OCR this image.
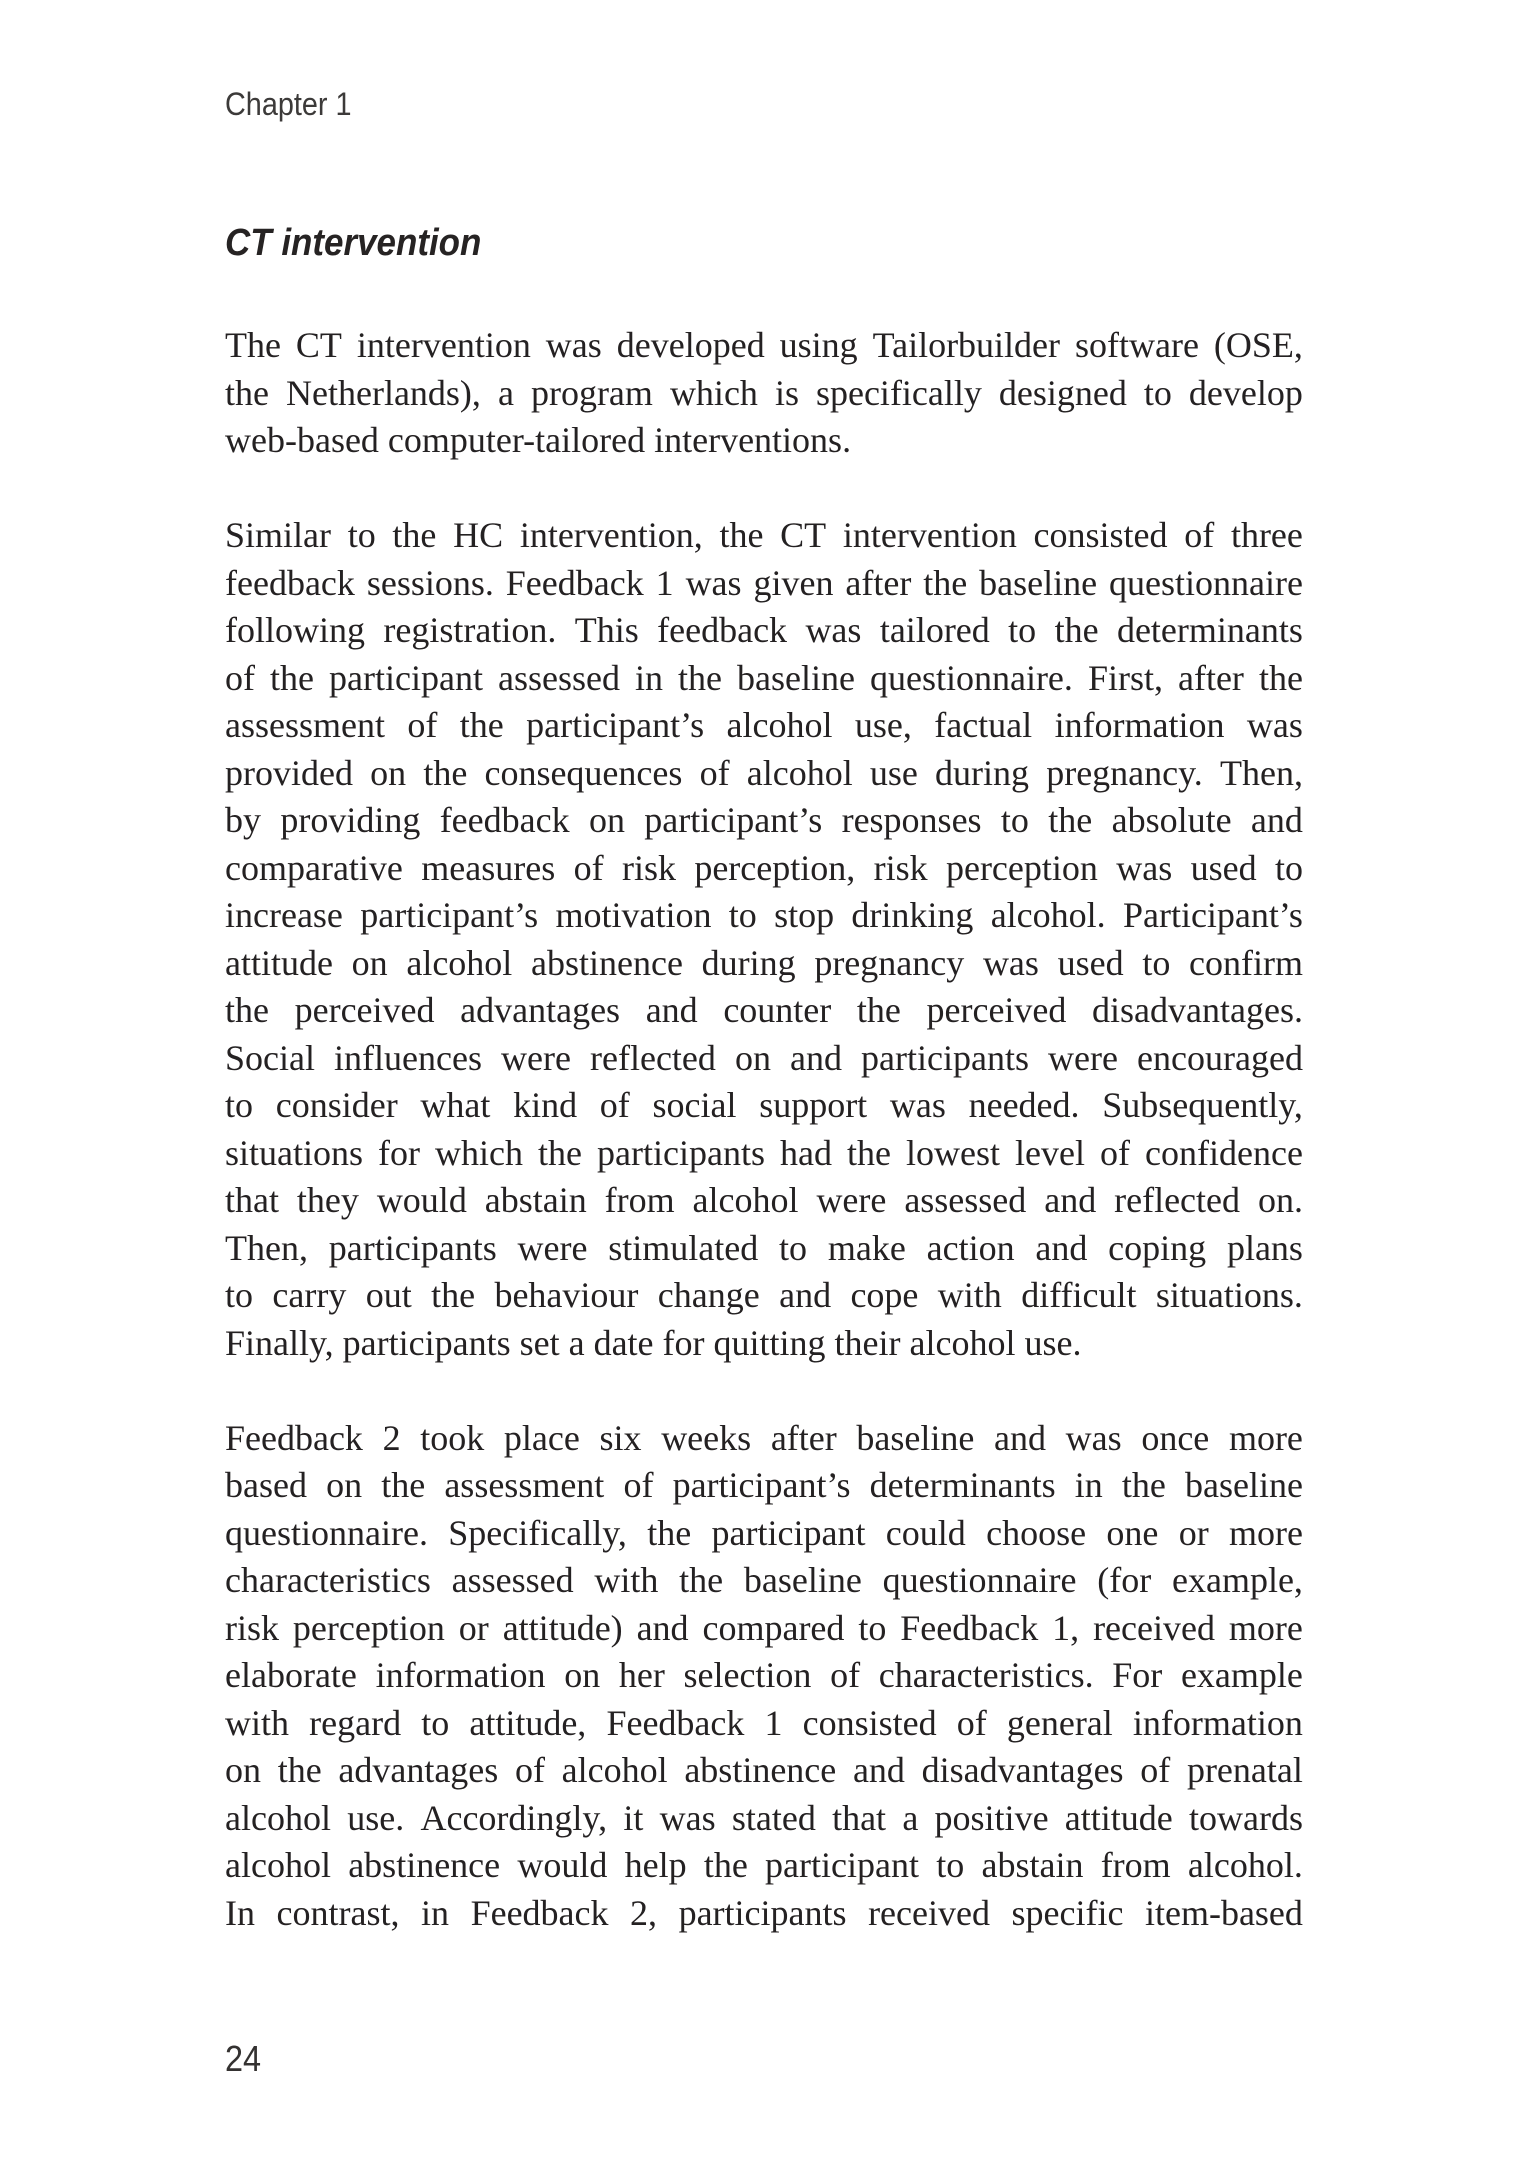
Chapter 1
CT intervention
The CT intervention was developed using Tailorbuilder software (OSE,
the Netherlands), a program which is specifically designed to develop
web-based computer-tailored interventions.
Similar to the HC intervention, the CT intervention consisted of three
feedback sessions. Feedback 1 was given after the baseline questionnaire
following registration. This feedback was tailored to the determinants
of the participant assessed in the baseline questionnaire. First, after the
assessment of the participant’s alcohol use, factual information was
provided on the consequences of alcohol use during pregnancy. Then,
by providing feedback on participant’s responses to the absolute and
comparative measures of risk perception, risk perception was used to
increase participant’s motivation to stop drinking alcohol. Participant’s
attitude on alcohol abstinence during pregnancy was used to confirm
the perceived advantages and counter the perceived disadvantages.
Social influences were reflected on and participants were encouraged
to consider what kind of social support was needed. Subsequently,
situations for which the participants had the lowest level of confidence
that they would abstain from alcohol were assessed and reflected on.
Then, participants were stimulated to make action and coping plans
to carry out the behaviour change and cope with difficult situations.
Finally, participants set a date for quitting their alcohol use.
Feedback 2 took place six weeks after baseline and was once more
based on the assessment of participant’s determinants in the baseline
questionnaire. Specifically, the participant could choose one or more
characteristics assessed with the baseline questionnaire (for example,
risk perception or attitude) and compared to Feedback 1, received more
elaborate information on her selection of characteristics. For example
with regard to attitude, Feedback 1 consisted of general information
on the advantages of alcohol abstinence and disadvantages of prenatal
alcohol use. Accordingly, it was stated that a positive attitude towards
alcohol abstinence would help the participant to abstain from alcohol.
In contrast, in Feedback 2, participants received specific item-based
24
